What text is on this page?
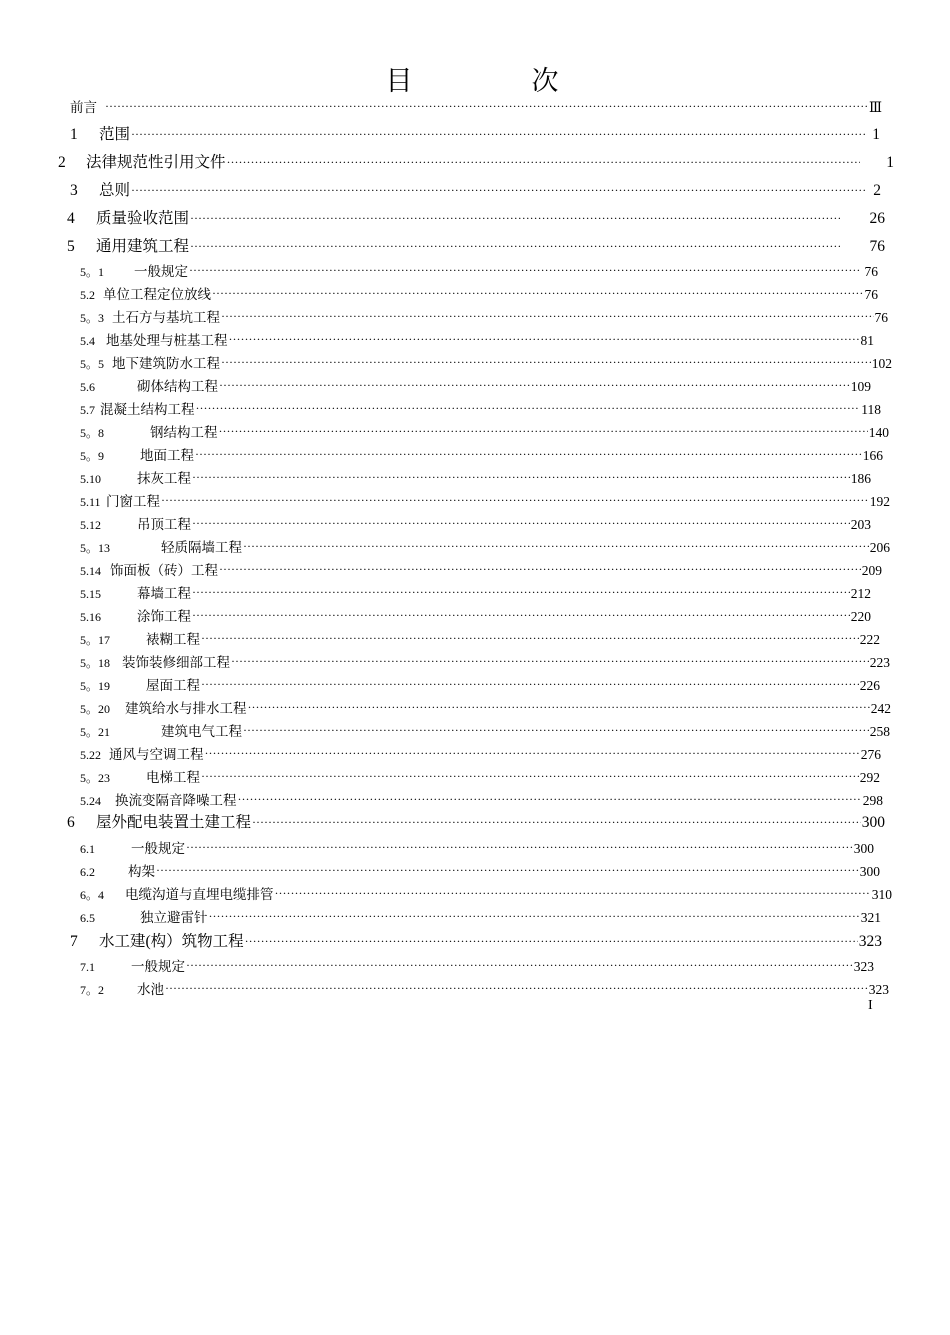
目　次
前言 ·····	Ⅲ
1	范围 ·····	1
2	法律规范性引用文件 ·····	1
3	总则 ·····	2
4	质量验收范围 ·····	26
5	通用建筑工程 ·····	76
5。1	一般规定 ·····	76
5.2 单位工程定位放线 ·····	76
5。3 土石方与基坑工程 ·····	76
5.4 地基处理与桩基工程 ·····	81
5。5 地下建筑防水工程 ·····	102
5.6	砌体结构工程 ·····	109
5.7 混凝土结构工程 ·····	118
5。8	钢结构工程 ·····	140
5。9	地面工程 ·····	166
5.10	抹灰工程 ·····	186
5.11 门窗工程 ·····	192
5.12	吊顶工程 ·····	203
5。13	轻质隔墙工程 ·····	206
5.14 饰面板（砖）工程 ·····	209
5.15	幕墙工程 ·····	212
5.16	涂饰工程 ·····	220
5。17	裱糊工程 ·····	222
5。18 装饰装修细部工程 ·····	223
5。19	屋面工程 ·····	226
5。20	建筑给水与排水工程 ·····	242
5。21	建筑电气工程 ·····	258
5.22 通风与空调工程 ·····	276
5。23	电梯工程 ·····	292
5.24	换流变隔音降噪工程 ·····	298
6	屋外配电装置土建工程 ·····	300
6.1	一般规定 ·····	300
6.2	构架 ·····	300
6。4	电缆沟道与直埋电缆排管 ·····	310
6.5	独立避雷针 ·····	321
7	水工建(构）筑物工程 ·····	323
7.1	一般规定 ·····	323
7。2	水池 ·····	323
I
